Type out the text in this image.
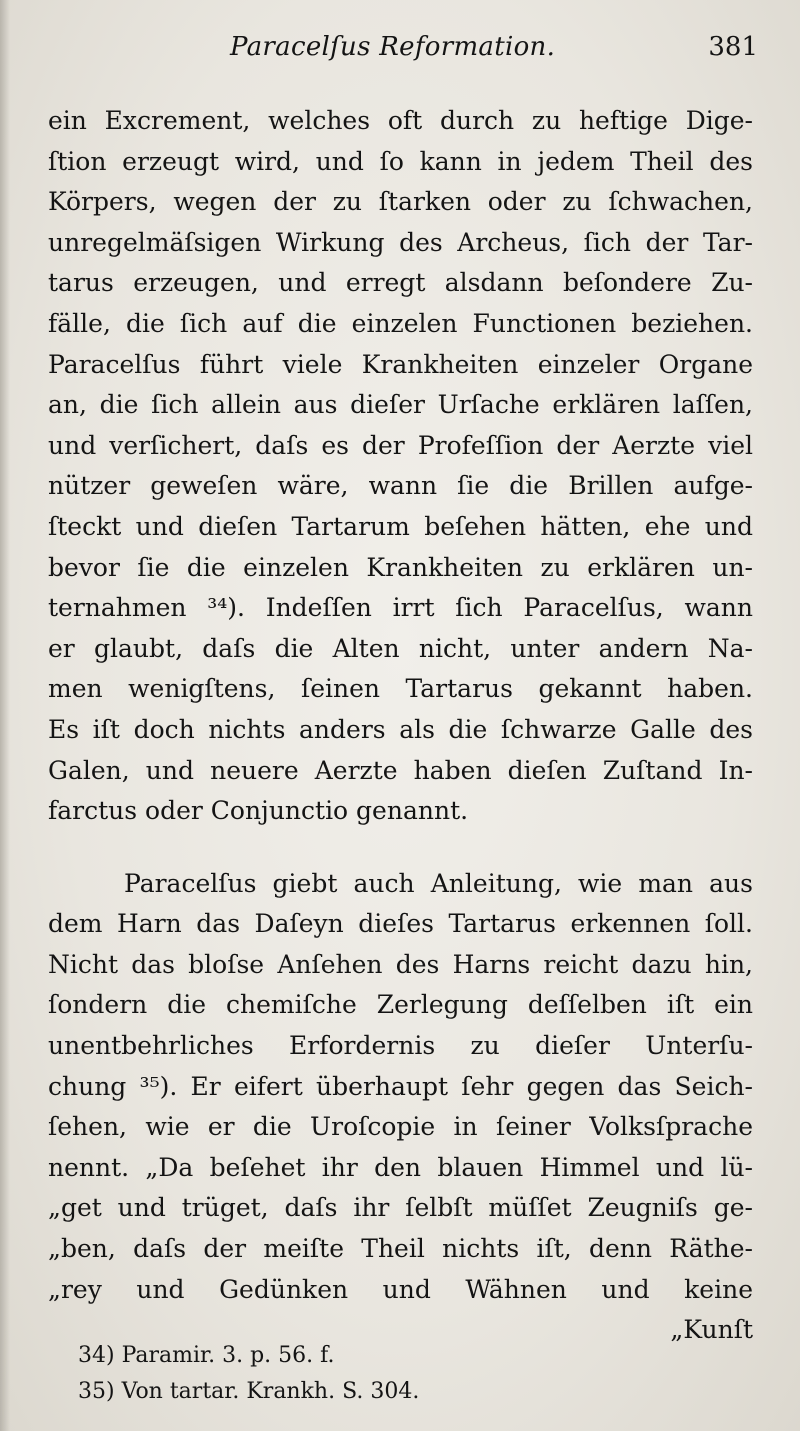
Paracelſus Reformation.	381
ein Excrement, welches oft durch zu heftige Dige-
ſtion erzeugt wird, und ſo kann in jedem Theil des
Körpers, wegen der zu ſtarken oder zu ſchwachen,
unregelmäſsigen Wirkung des Archeus, ſich der Tar-
tarus erzeugen, und erregt alsdann beſondere Zu-
fälle, die ſich auf die einzelen Functionen beziehen.
Paracelſus führt viele Krankheiten einzeler Organe
an, die ſich allein aus dieſer Urſache erklären laſſen,
und verſichert, daſs es der Profeſſion der Aerzte viel
nützer geweſen wäre, wann ſie die Brillen aufge-
ſteckt und dieſen Tartarum beſehen hätten, ehe und
bevor ſie die einzelen Krankheiten zu erklären un-
ternahmen ³⁴). Indeſſen irrt ſich Paracelſus, wann
er glaubt, daſs die Alten nicht, unter andern Na-
men wenigſtens, ſeinen Tartarus gekannt haben.
Es iſt doch nichts anders als die ſchwarze Galle des
Galen, und neuere Aerzte haben dieſen Zuſtand In-
farctus oder Conjunctio genannt.
Paracelſus giebt auch Anleitung, wie man aus
dem Harn das Daſeyn dieſes Tartarus erkennen ſoll.
Nicht das bloſse Anſehen des Harns reicht dazu hin,
ſondern die chemiſche Zerlegung deſſelben iſt ein
unentbehrliches Erfordernis zu dieſer Unterſu-
chung ³⁵). Er eifert überhaupt ſehr gegen das Seich-
ſehen, wie er die Uroſcopie in ſeiner Volksſprache
nennt. „Da beſehet ihr den blauen Himmel und lü-
„get und trüget, daſs ihr ſelbſt müſſet Zeugniſs ge-
„ben, daſs der meiſte Theil nichts iſt, denn Räthe-
„rey und Gedünken und Wähnen und keine
„Kunſt
34) Paramir. 3. p. 56. f.
35) Von tartar. Krankh. S. 304.
